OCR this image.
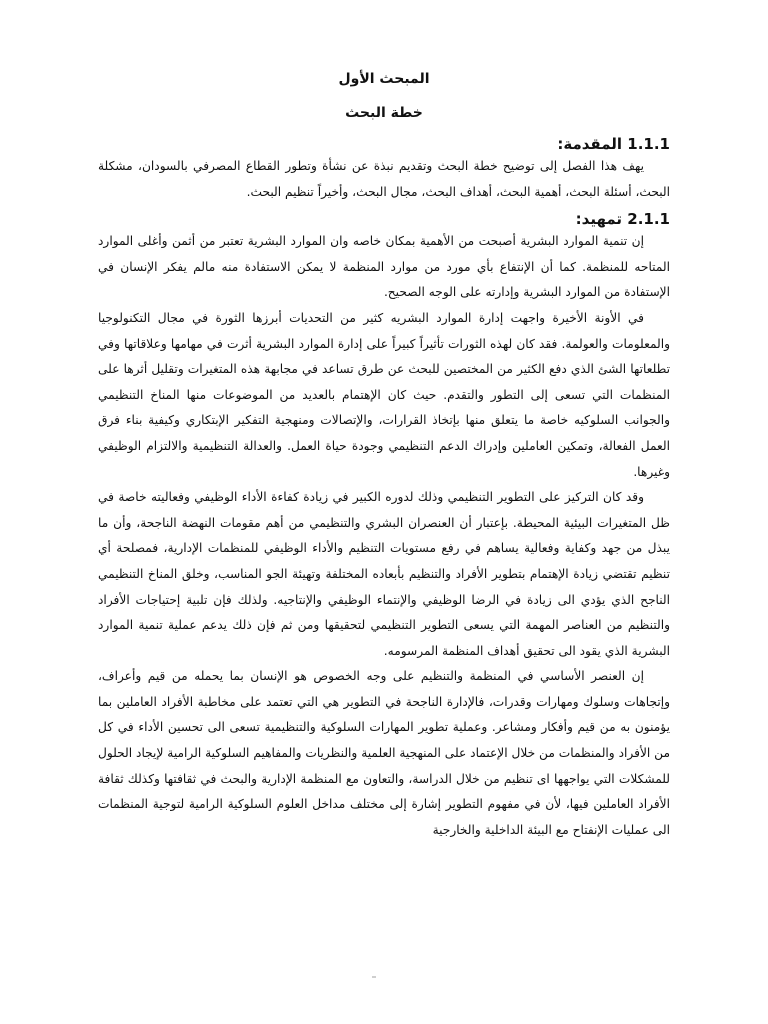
المبحث الأول
خطة البحث
1.1.1 المقدمة:

يهف هذا الفصل إلى توضيح خطة البحث وتقديم نبذة عن نشأة وتطور القطاع المصرفي بالسودان، مشكلة البحث، أسئلة البحث، أهمية البحث، أهداف البحث، مجال البحث، وأخيراً تنظيم البحث.

2.1.1 تمهيد:

إن تنمية الموارد البشرية أصبحت من الأهمية بمكان خاصه وان الموارد البشرية تعتبر من أثمن وأغلى الموارد المتاحه للمنظمة. كما أن الإنتفاع بأي مورد من موارد المنظمة لا يمكن الاستفادة منه مالم يفكر الإنسان في الإستفادة من الموارد البشرية وإدارته على الوجه الصحيح.

في الأونة الأخيرة واجهت إدارة الموارد البشريه كثير من التحديات أبرزها الثورة في مجال التكنولوجيا والمعلومات والعولمة. فقد كان لهذه الثورات تأثيراً كبيراً على إدارة الموارد البشرية أثرت في مهامها وعلاقاتها وفي تطلعاتها الشئ الذي دفع الكثير من المختصين للبحث عن طرق تساعد في مجابهة هذه المتغيرات وتقليل أثرها على المنظمات التي تسعى إلى التطور والتقدم. حيث كان الإهتمام بالعديد من الموضوعات منها المناخ التنظيمي والجوانب السلوكيه خاصة ما يتعلق منها بإتخاذ القرارات، والإتصالات ومنهجية التفكير الإبتكاري وكيفية بناء فرق العمل الفعالة، وتمكين العاملين وإدراك الدعم التنظيمي وجودة حياة العمل. والعدالة التنظيمية والالتزام الوظيفي وغيرها.

وقد كان التركيز على التطوير التنظيمي وذلك لدوره الكبير في زيادة كفاءة الأداء الوظيفي وفعاليته خاصة في ظل المتغيرات البيئية المحيطة. بإعتبار أن العنصران البشري والتنظيمي من أهم مقومات النهضة الناجحة، وأن ما يبذل من جهد وكفاية وفعالية يساهم في رفع مستويات التنظيم والأداء الوظيفي للمنظمات الإدارية، فمصلحة أي تنظيم تقتضي زيادة الإهتمام بتطوير الأفراد والتنظيم بأبعاده المختلفة وتهيئة الجو المناسب، وخلق المناخ التنظيمي الناجح الذي يؤدي الى زيادة في الرضا الوظيفي والإنتماء الوظيفي والإنتاجيه. ولذلك فإن تلبية إحتياجات الأفراد والتنظيم من العناصر المهمة التي يسعى التطوير التنظيمي لتحقيقها ومن ثم فإن ذلك يدعم عملية تنمية الموارد البشرية الذي يقود الى تحقيق أهداف المنظمة المرسومه.

إن العنصر الأساسي في المنظمة والتنظيم على وجه الخصوص هو الإنسان بما يحمله من قيم وأعراف، وإتجاهات وسلوك ومهارات وقدرات، فالإدارة الناجحة في التطوير هي التي تعتمد على مخاطبة الأفراد العاملين بما يؤمنون به من قيم وأفكار ومشاعر. وعملية تطوير المهارات السلوكية والتنظيمية تسعى الى تحسين الأداء في كل من الأفراد والمنظمات من خلال الإعتماد على المنهجية العلمية والنظريات والمفاهيم السلوكية الرامية لإيجاد الحلول للمشكلات التي يواجهها اى تنظيم من خلال الدراسة، والتعاون مع المنظمة الإدارية والبحث في ثقافتها وكذلك ثقافة الأفراد العاملين فيها، لأن في مفهوم التطوير إشارة إلى مختلف مداخل العلوم السلوكية الرامية لتوجية المنظمات الى عمليات الإنفتاح مع البيئة الداخلية والخارجية
